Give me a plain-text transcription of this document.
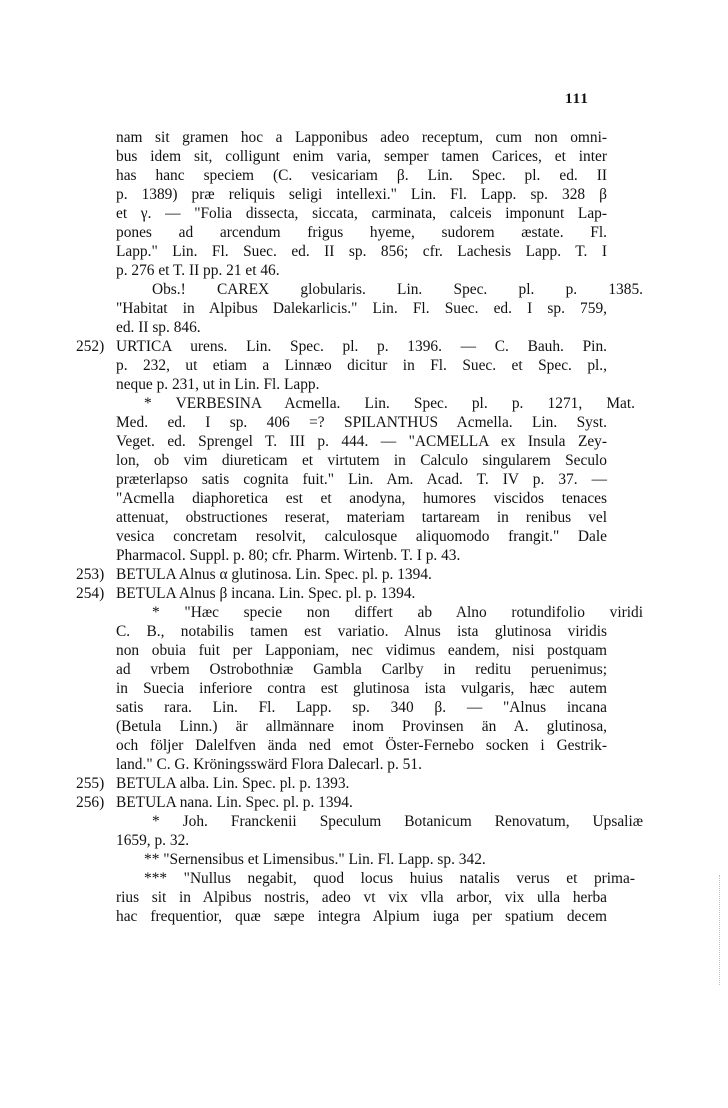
111
nam sit gramen hoc a Lapponibus adeo receptum, cum non omni-
bus idem sit, colligunt enim varia, semper tamen Carices, et inter
has hanc speciem (C. vesicariam β. Lin. Spec. pl. ed. II
p. 1389) præ reliquis seligi intellexi." Lin. Fl. Lapp. sp. 328 β
et γ. — "Folia dissecta, siccata, carminata, calceis imponunt Lap-
pones ad arcendum frigus hyeme, sudorem æstate. Fl.
Lapp." Lin. Fl. Suec. ed. II sp. 856; cfr. Lachesis Lapp. T. I
p. 276 et T. II pp. 21 et 46.
Obs.! CAREX globularis. Lin. Spec. pl. p. 1385.
"Habitat in Alpibus Dalekarlicis." Lin. Fl. Suec. ed. I sp. 759,
ed. II sp. 846.
252) URTICA urens. Lin. Spec. pl. p. 1396. — C. Bauh. Pin.
p. 232, ut etiam a Linnæo dicitur in Fl. Suec. et Spec. pl.,
neque p. 231, ut in Lin. Fl. Lapp.
* VERBESINA Acmella. Lin. Spec. pl. p. 1271, Mat.
Med. ed. I sp. 406 =? SPILANTHUS Acmella. Lin. Syst.
Veget. ed. Sprengel T. III p. 444. — "ACMELLA ex Insula Zey-
lon, ob vim diureticam et virtutem in Calculo singularem Seculo
præterlapso satis cognita fuit." Lin. Am. Acad. T. IV p. 37. —
"Acmella diaphoretica est et anodyna, humores viscidos tenaces
attenuat, obstructiones reserat, materiam tartaream in renibus vel
vesica concretam resolvit, calculosque aliquomodo frangit." Dale
Pharmacol. Suppl. p. 80; cfr. Pharm. Wirtenb. T. I p. 43.
253) BETULA Alnus α glutinosa. Lin. Spec. pl. p. 1394.
254) BETULA Alnus β incana. Lin. Spec. pl. p. 1394.
* "Hæc specie non differt ab Alno rotundifolio viridi
C. B., notabilis tamen est variatio. Alnus ista glutinosa viridis
non obuia fuit per Lapponiam, nec vidimus eandem, nisi postquam
ad vrbem Ostrobothniæ Gambla Carlby in reditu peruenimus;
in Suecia inferiore contra est glutinosa ista vulgaris, hæc autem
satis rara. Lin. Fl. Lapp. sp. 340 β. — "Alnus incana
(Betula Linn.) är allmännare inom Provinsen än A. glutinosa,
och följer Dalelfven ända ned emot Öster-Fernebo socken i Gestrik-
land." C. G. Kröningsswärd Flora Dalecarl. p. 51.
255) BETULA alba. Lin. Spec. pl. p. 1393.
256) BETULA nana. Lin. Spec. pl. p. 1394.
* Joh. Franckenii Speculum Botanicum Renovatum, Upsaliæ
1659, p. 32.
** "Sernensibus et Limensibus." Lin. Fl. Lapp. sp. 342.
*** "Nullus negabit, quod locus huius natalis verus et prima-
rius sit in Alpibus nostris, adeo vt vix vlla arbor, vix ulla herba
hac frequentior, quæ sæpe integra Alpium iuga per spatium decem
